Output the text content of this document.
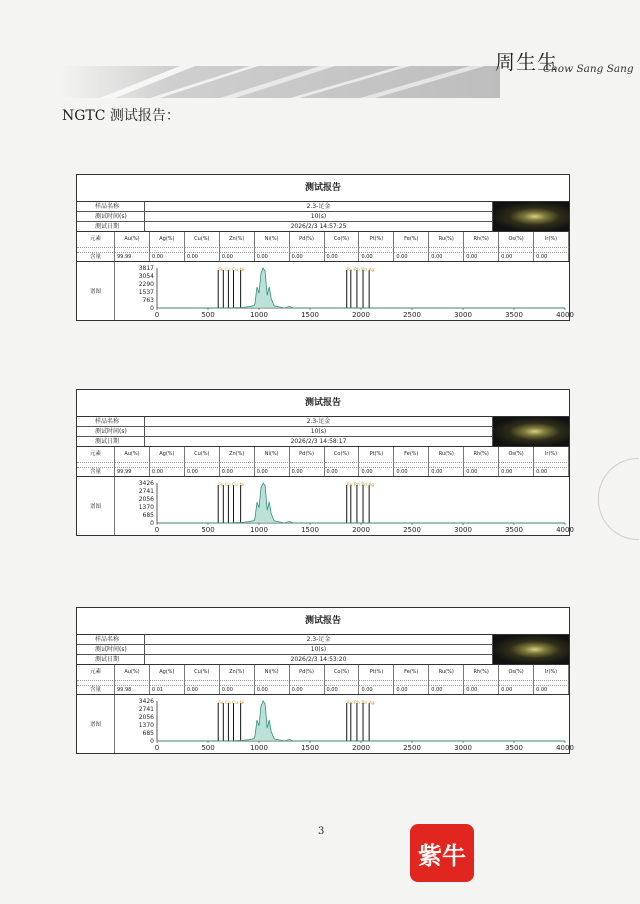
周生生
Chow Sang Sang
NGTC 测试报告：
测试报告
样品名称	2.3-足金
测试时间(s)	10(s)
测试日期	2026/2/3 14:57:25
元素	Au(%)	Ag(%)	Cu(%)	Zn(%)	Ni(%)	Pd(%)	Co(%)	Pt(%)	Fe(%)	Ru(%)	Rh(%)	Os(%)	Ir(%)
含量	99.99	0.00	0.00	0.00	0.00	0.00	0.00	0.00	0.00	0.00	0.00	0.00	0.00
谱图
3817
3054
2290
1537
763
0
0	500	1000	1500	2000	2500	3000	3500	4000
Fe Co Cu Ni	Ru Rh Pd Ag
测试报告
样品名称	2.3-足金
测试时间(s)	10(s)
测试日期	2026/2/3 14:58:17
元素	Au(%)	Ag(%)	Cu(%)	Zn(%)	Ni(%)	Pd(%)	Co(%)	Pt(%)	Fe(%)	Ru(%)	Rh(%)	Os(%)	Ir(%)
含量	99.99	0.00	0.00	0.00	0.00	0.00	0.00	0.00	0.00	0.00	0.00	0.00	0.00
谱图
3426
2741
2056
1370
685
0
0	500	1000	1500	2000	2500	3000	3500	4000
Fe Co Cu Ni	Ru Rh Pd Ag
测试报告
样品名称	2.3-足金
测试时间(s)	10(s)
测试日期	2026/2/3 14:53:20
元素	Au(%)	Ag(%)	Cu(%)	Zn(%)	Ni(%)	Pd(%)	Co(%)	Pt(%)	Fe(%)	Ru(%)	Rh(%)	Os(%)	Ir(%)
含量	99.98	0.01	0.00	0.00	0.00	0.00	0.00	0.00	0.00	0.00	0.00	0.00	0.00
谱图
3426
2741
2056
1370
685
0
0	500	1000	1500	2000	2500	3000	3500	4000
Fe Co Cu Ni	Ru Rh Pd Ag
3
紫牛
